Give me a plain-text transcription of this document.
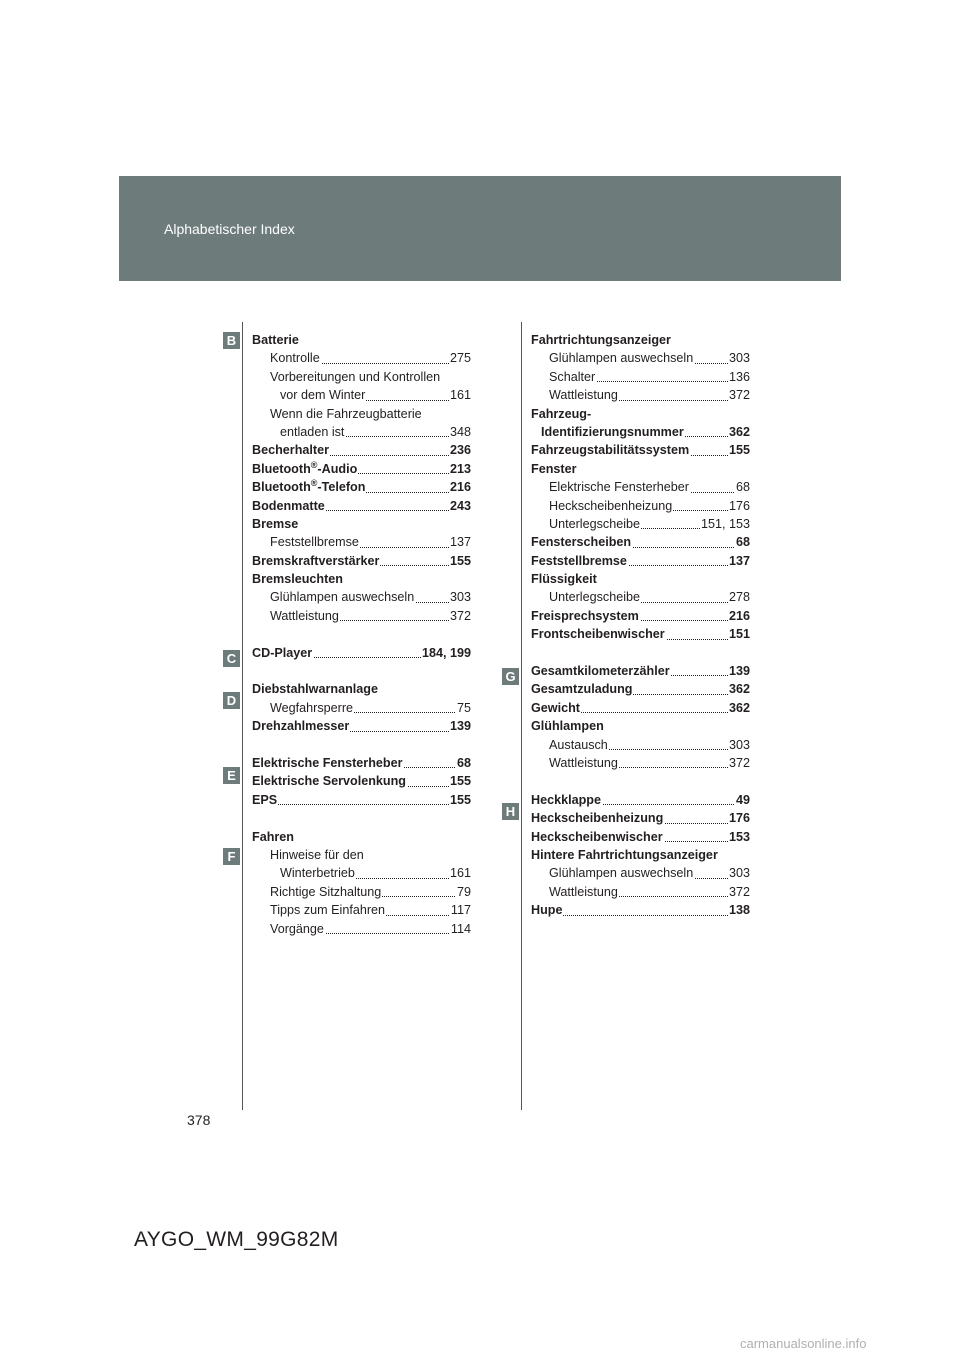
Alphabetischer Index
B
C
D
E
F
G
H
Batterie
Kontrolle	275
Vorbereitungen und Kontrollen
vor dem Winter	161
Wenn die Fahrzeugbatterie
entladen ist	348
Becherhalter	236
Bluetooth®-Audio	213
Bluetooth®-Telefon	216
Bodenmatte	243
Bremse
Feststellbremse	137
Bremskraftverstärker	155
Bremsleuchten
Glühlampen auswechseln	303
Wattleistung	372
CD-Player	184, 199
Diebstahlwarnanlage
Wegfahrsperre	75
Drehzahlmesser	139
Elektrische Fensterheber	68
Elektrische Servolenkung	155
EPS	155
Fahren
Hinweise für den
Winterbetrieb	161
Richtige Sitzhaltung	79
Tipps zum Einfahren	117
Vorgänge	114
Fahrtrichtungsanzeiger
Glühlampen auswechseln	303
Schalter	136
Wattleistung	372
Fahrzeug-
Identifizierungsnummer	362
Fahrzeugstabilitätssystem	155
Fenster
Elektrische Fensterheber	68
Heckscheibenheizung	176
Unterlegscheibe	151, 153
Fensterscheiben	68
Feststellbremse	137
Flüssigkeit
Unterlegscheibe	278
Freisprechsystem	216
Frontscheibenwischer	151
Gesamtkilometerzähler	139
Gesamtzuladung	362
Gewicht	362
Glühlampen
Austausch	303
Wattleistung	372
Heckklappe	49
Heckscheibenheizung	176
Heckscheibenwischer	153
Hintere Fahrtrichtungsanzeiger
Glühlampen auswechseln	303
Wattleistung	372
Hupe	138
378
AYGO_WM_99G82M
carmanualsonline.info
